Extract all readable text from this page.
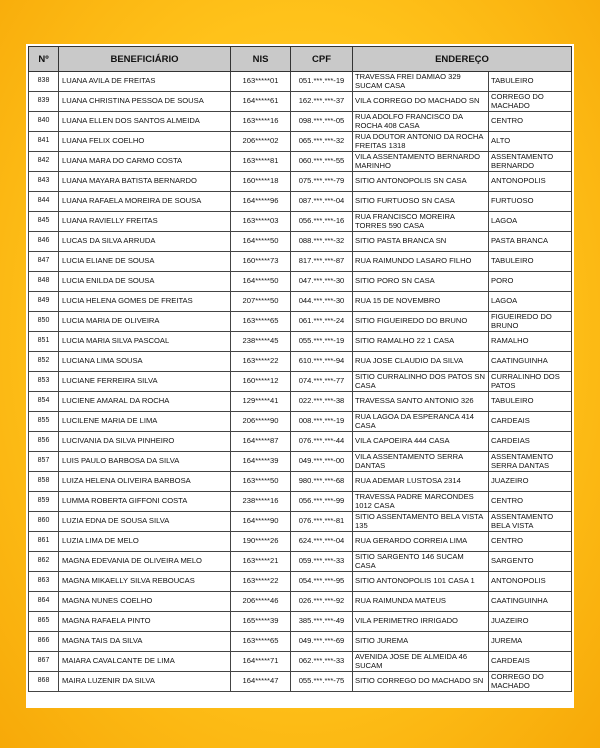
Nº	BENEFICIÁRIO	NIS	CPF	ENDEREÇO	
838	LUANA AVILA DE FREITAS	163*****01	051.***.***-19	TRAVESSA FREI DAMIAO 329 SUCAM CASA	TABULEIRO
839	LUANA CHRISTINA PESSOA DE SOUSA	164*****61	162.***.***-37	VILA CORREGO DO MACHADO SN	CORREGO DO MACHADO
840	LUANA ELLEN DOS SANTOS ALMEIDA	163*****16	098.***.***-05	RUA ADOLFO FRANCISCO DA ROCHA 408 CASA	CENTRO
841	LUANA FELIX COELHO	206*****02	065.***.***-32	RUA DOUTOR ANTONIO DA ROCHA FREITAS 1318	ALTO
842	LUANA MARA DO CARMO COSTA	163*****81	060.***.***-55	VILA ASSENTAMENTO BERNARDO MARINHO	ASSENTAMENTO BERNARDO
843	LUANA MAYARA BATISTA BERNARDO	160*****18	075.***.***-79	SITIO ANTONOPOLIS SN CASA	ANTONOPOLIS
844	LUANA RAFAELA MOREIRA DE SOUSA	164*****96	087.***.***-04	SITIO FURTUOSO SN CASA	FURTUOSO
845	LUANA RAVIELLY FREITAS	163*****03	056.***.***-16	RUA FRANCISCO MOREIRA TORRES 590 CASA	LAGOA
846	LUCAS DA SILVA ARRUDA	164*****50	088.***.***-32	SITIO PASTA BRANCA SN	PASTA BRANCA
847	LUCIA ELIANE DE SOUSA	160*****73	817.***.***-87	RUA RAIMUNDO LASARO FILHO	TABULEIRO
848	LUCIA ENILDA DE SOUSA	164*****50	047.***.***-30	SITIO PORO SN CASA	PORO
849	LUCIA HELENA GOMES DE FREITAS	207*****50	044.***.***-30	RUA 15 DE NOVEMBRO	LAGOA
850	LUCIA MARIA DE OLIVEIRA	163*****65	061.***.***-24	SITIO FIGUEIREDO DO BRUNO	FIGUEIREDO DO BRUNO
851	LUCIA MARIA SILVA PASCOAL	238*****45	055.***.***-19	SITIO RAMALHO 22 1 CASA	RAMALHO
852	LUCIANA LIMA SOUSA	163*****22	610.***.***-94	RUA JOSE CLAUDIO DA SILVA	CAATINGUINHA
853	LUCIANE FERREIRA SILVA	160*****12	074.***.***-77	SITIO CURRALINHO DOS PATOS SN CASA	CURRALINHO DOS PATOS
854	LUCIENE AMARAL DA ROCHA	129*****41	022.***.***-38	TRAVESSA SANTO ANTONIO 326	TABULEIRO
855	LUCILENE MARIA DE LIMA	206*****90	008.***.***-19	RUA LAGOA DA ESPERANCA 414 CASA	CARDEAIS
856	LUCIVANIA DA SILVA PINHEIRO	164*****87	076.***.***-44	VILA CAPOEIRA 444 CASA	CARDEIAS
857	LUIS PAULO BARBOSA DA SILVA	164*****39	049.***.***-00	VILA ASSENTAMENTO SERRA DANTAS	ASSENTAMENTO SERRA DANTAS
858	LUIZA HELENA OLIVEIRA BARBOSA	163*****50	980.***.***-68	RUA ADEMAR LUSTOSA 2314	JUAZEIRO
859	LUMMA ROBERTA GIFFONI COSTA	238*****16	056.***.***-99	TRAVESSA PADRE MARCONDES 1012 CASA	CENTRO
860	LUZIA EDNA DE SOUSA SILVA	164*****90	076.***.***-81	SITIO ASSENTAMENTO BELA VISTA 135	ASSENTAMENTO BELA VISTA
861	LUZIA LIMA DE MELO	190*****26	624.***.***-04	RUA GERARDO CORREIA LIMA	CENTRO
862	MAGNA EDEVANIA DE OLIVEIRA MELO	163*****21	059.***.***-33	SITIO SARGENTO 146 SUCAM CASA	SARGENTO
863	MAGNA MIKAELLY SILVA REBOUCAS	163*****22	054.***.***-95	SITIO ANTONOPOLIS 101 CASA 1	ANTONOPOLIS
864	MAGNA NUNES COELHO	206*****46	026.***.***-92	RUA RAIMUNDA MATEUS	CAATINGUINHA
865	MAGNA RAFAELA PINTO	165*****39	385.***.***-49	VILA PERIMETRO IRRIGADO	JUAZEIRO
866	MAGNA TAIS DA SILVA	163*****65	049.***.***-69	SITIO JUREMA	JUREMA
867	MAIARA CAVALCANTE DE LIMA	164*****71	062.***.***-33	AVENIDA JOSE DE ALMEIDA 46 SUCAM	CARDEAIS
868	MAIRA LUZENIR DA SILVA	164*****47	055.***.***-75	SITIO CORREGO DO MACHADO SN	CORREGO DO MACHADO
